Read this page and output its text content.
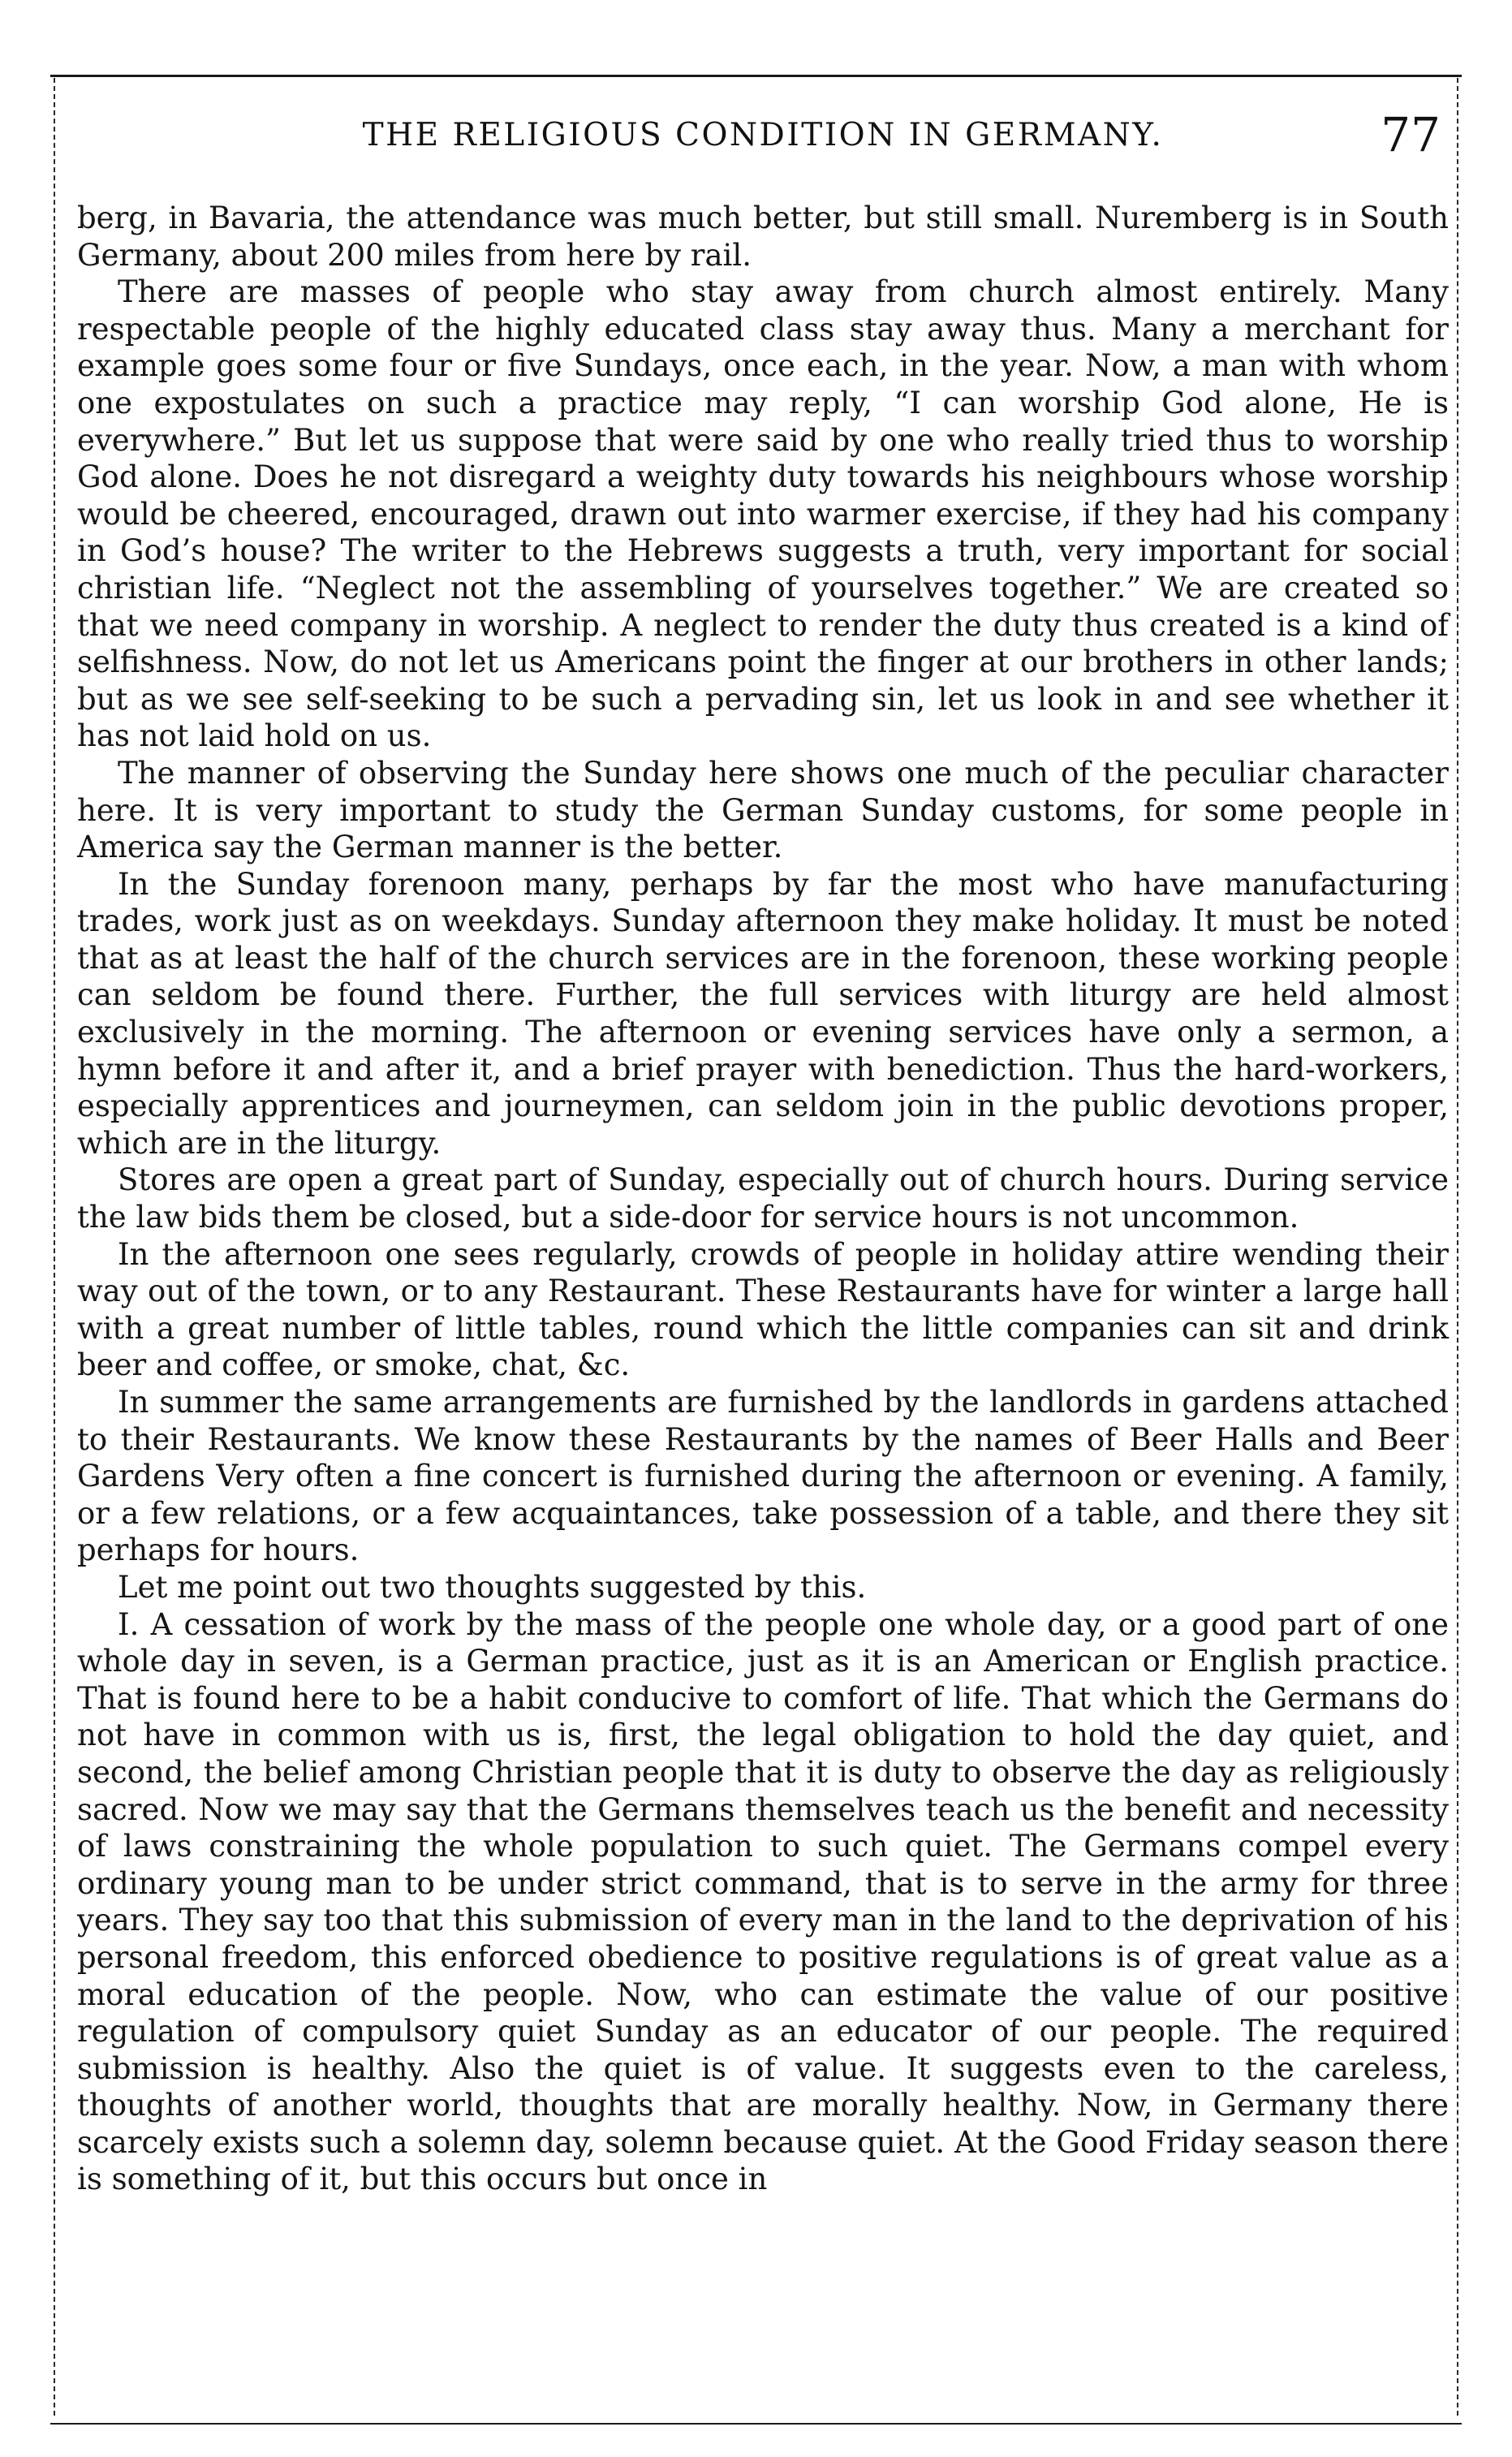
THE RELIGIOUS CONDITION IN GERMANY.	77

berg, in Bavaria, the attendance was much better, but still small. Nuremberg is in South Germany, about 200 miles from here by rail.

There are masses of people who stay away from church almost entirely. Many respectable people of the highly educated class stay away thus. Many a merchant for example goes some four or five Sundays, once each, in the year. Now, a man with whom one expostulates on such a practice may reply, “I can worship God alone, He is everywhere.” But let us suppose that were said by one who really tried thus to worship God alone. Does he not disregard a weighty duty towards his neighbours whose worship would be cheered, encouraged, drawn out into warmer exercise, if they had his company in God’s house? The writer to the Hebrews suggests a truth, very important for social christian life. “Neglect not the assembling of yourselves together.” We are created so that we need company in worship. A neglect to render the duty thus created is a kind of selfishness. Now, do not let us Americans point the finger at our brothers in other lands; but as we see self-seeking to be such a pervading sin, let us look in and see whether it has not laid hold on us.

The manner of observing the Sunday here shows one much of the peculiar character here. It is very important to study the German Sunday customs, for some people in America say the German manner is the better.

In the Sunday forenoon many, perhaps by far the most who have manufacturing trades, work just as on weekdays. Sunday afternoon they make holiday. It must be noted that as at least the half of the church services are in the forenoon, these working people can seldom be found there. Further, the full services with liturgy are held almost exclusively in the morning. The afternoon or evening services have only a sermon, a hymn before it and after it, and a brief prayer with benediction. Thus the hard-workers, especially apprentices and journeymen, can seldom join in the public devotions proper, which are in the liturgy.

Stores are open a great part of Sunday, especially out of church hours. During service the law bids them be closed, but a side-door for service hours is not uncommon.

In the afternoon one sees regularly, crowds of people in holiday attire wending their way out of the town, or to any Restaurant. These Restaurants have for winter a large hall with a great number of little tables, round which the little companies can sit and drink beer and coffee, or smoke, chat, &c.

In summer the same arrangements are furnished by the landlords in gardens attached to their Restaurants. We know these Restaurants by the names of Beer Halls and Beer Gardens Very often a fine concert is furnished during the afternoon or evening. A family, or a few relations, or a few acquaintances, take possession of a table, and there they sit perhaps for hours.

Let me point out two thoughts suggested by this.

I. A cessation of work by the mass of the people one whole day, or a good part of one whole day in seven, is a German practice, just as it is an American or English practice. That is found here to be a habit conducive to comfort of life. That which the Germans do not have in common with us is, first, the legal obligation to hold the day quiet, and second, the belief among Christian people that it is duty to observe the day as religiously sacred. Now we may say that the Germans themselves teach us the benefit and necessity of laws constraining the whole population to such quiet. The Germans compel every ordinary young man to be under strict command, that is to serve in the army for three years. They say too that this submission of every man in the land to the deprivation of his personal freedom, this enforced obedience to positive regulations is of great value as a moral education of the people. Now, who can estimate the value of our positive regulation of compulsory quiet Sunday as an educator of our people. The required submission is healthy. Also the quiet is of value. It suggests even to the careless, thoughts of another world, thoughts that are morally healthy. Now, in Germany there scarcely exists such a solemn day, solemn because quiet. At the Good Friday season there is something of it, but this occurs but once in
